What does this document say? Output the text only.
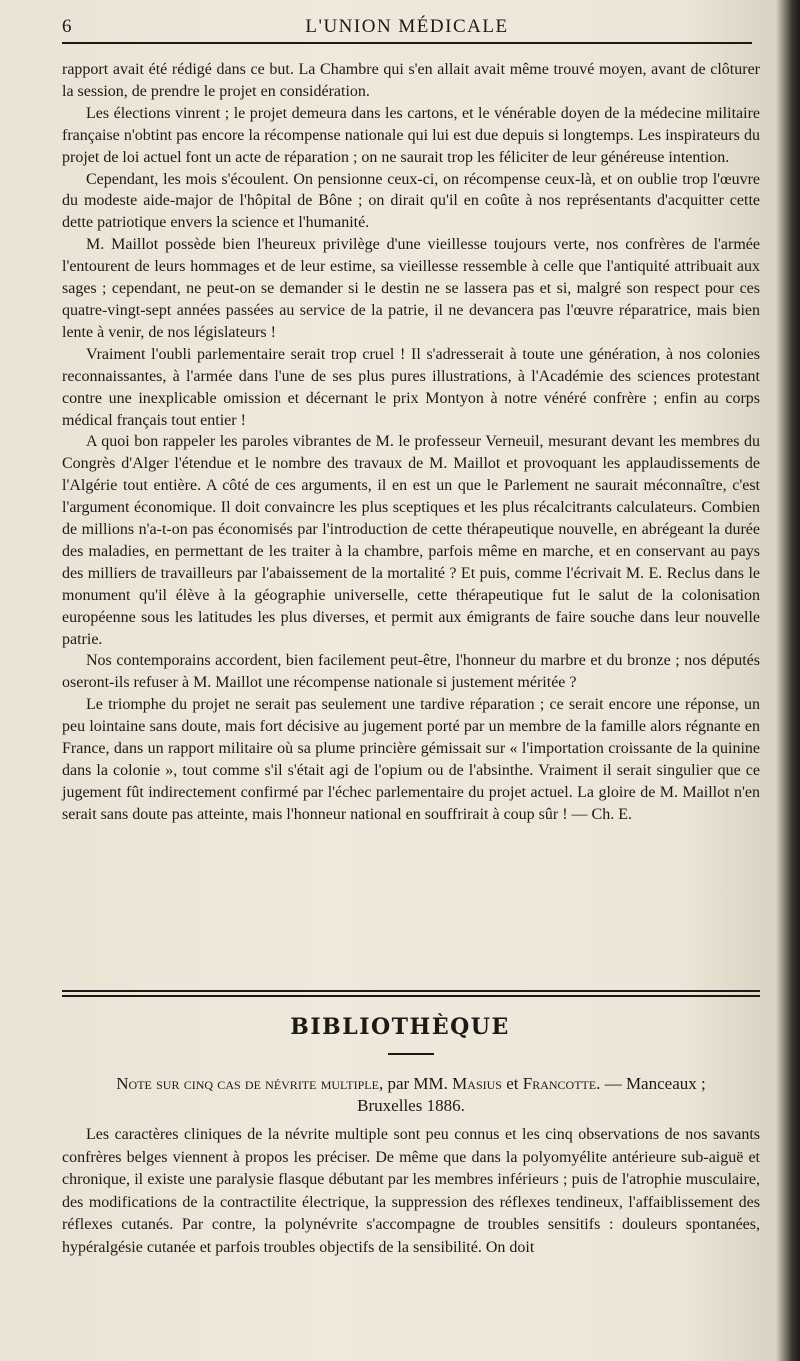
6	L'UNION MÉDICALE

rapport avait été rédigé dans ce but. La Chambre qui s'en allait avait même trouvé moyen, avant de clôturer la session, de prendre le projet en considération.

Les élections vinrent ; le projet demeura dans les cartons, et le vénérable doyen de la médecine militaire française n'obtint pas encore la récompense nationale qui lui est due depuis si longtemps. Les inspirateurs du projet de loi actuel font un acte de réparation ; on ne saurait trop les féliciter de leur généreuse intention.

Cependant, les mois s'écoulent. On pensionne ceux-ci, on récompense ceux-là, et on oublie trop l'œuvre du modeste aide-major de l'hôpital de Bône ; on dirait qu'il en coûte à nos représentants d'acquitter cette dette patriotique envers la science et l'humanité.

M. Maillot possède bien l'heureux privilège d'une vieillesse toujours verte, nos confrères de l'armée l'entourent de leurs hommages et de leur estime, sa vieillesse ressemble à celle que l'antiquité attribuait aux sages ; cependant, ne peut-on se demander si le destin ne se lassera pas et si, malgré son respect pour ces quatre-vingt-sept années passées au service de la patrie, il ne devancera pas l'œuvre réparatrice, mais bien lente à venir, de nos législateurs !

Vraiment l'oubli parlementaire serait trop cruel ! Il s'adresserait à toute une génération, à nos colonies reconnaissantes, à l'armée dans l'une de ses plus pures illustrations, à l'Académie des sciences protestant contre une inexplicable omission et décernant le prix Montyon à notre vénéré confrère ; enfin au corps médical français tout entier !

A quoi bon rappeler les paroles vibrantes de M. le professeur Verneuil, mesurant devant les membres du Congrès d'Alger l'étendue et le nombre des travaux de M. Maillot et provoquant les applaudissements de l'Algérie tout entière. A côté de ces arguments, il en est un que le Parlement ne saurait méconnaître, c'est l'argument économique. Il doit convaincre les plus sceptiques et les plus récalcitrants calculateurs. Combien de millions n'a-t-on pas économisés par l'introduction de cette thérapeutique nouvelle, en abrégeant la durée des maladies, en permettant de les traiter à la chambre, parfois même en marche, et en conservant au pays des milliers de travailleurs par l'abaissement de la mortalité ? Et puis, comme l'écrivait M. E. Reclus dans le monument qu'il élève à la géographie universelle, cette thérapeutique fut le salut de la colonisation européenne sous les latitudes les plus diverses, et permit aux émigrants de faire souche dans leur nouvelle patrie.

Nos contemporains accordent, bien facilement peut-être, l'honneur du marbre et du bronze ; nos députés oseront-ils refuser à M. Maillot une récompense nationale si justement méritée ?

Le triomphe du projet ne serait pas seulement une tardive réparation ; ce serait encore une réponse, un peu lointaine sans doute, mais fort décisive au jugement porté par un membre de la famille alors régnante en France, dans un rapport militaire où sa plume princière gémissait sur « l'importation croissante de la quinine dans la colonie », tout comme s'il s'était agi de l'opium ou de l'absinthe. Vraiment il serait singulier que ce jugement fût indirectement confirmé par l'échec parlementaire du projet actuel. La gloire de M. Maillot n'en serait sans doute pas atteinte, mais l'honneur national en souffrirait à coup sûr ! — Ch. E.

BIBLIOTHÈQUE
Note sur cinq cas de névrite multiple, par MM. Masius et Francotte. — Manceaux ;
Bruxelles 1886.

Les caractères cliniques de la névrite multiple sont peu connus et les cinq observations de nos savants confrères belges viennent à propos les préciser. De même que dans la polyomyélite antérieure sub-aiguë et chronique, il existe une paralysie flasque débutant par les membres inférieurs ; puis de l'atrophie musculaire, des modifications de la contractilite électrique, la suppression des réflexes tendineux, l'affaiblissement des réflexes cutanés. Par contre, la polynévrite s'accompagne de troubles sensitifs : douleurs spontanées, hypéralgésie cutanée et parfois troubles objectifs de la sensibilité. On doit
